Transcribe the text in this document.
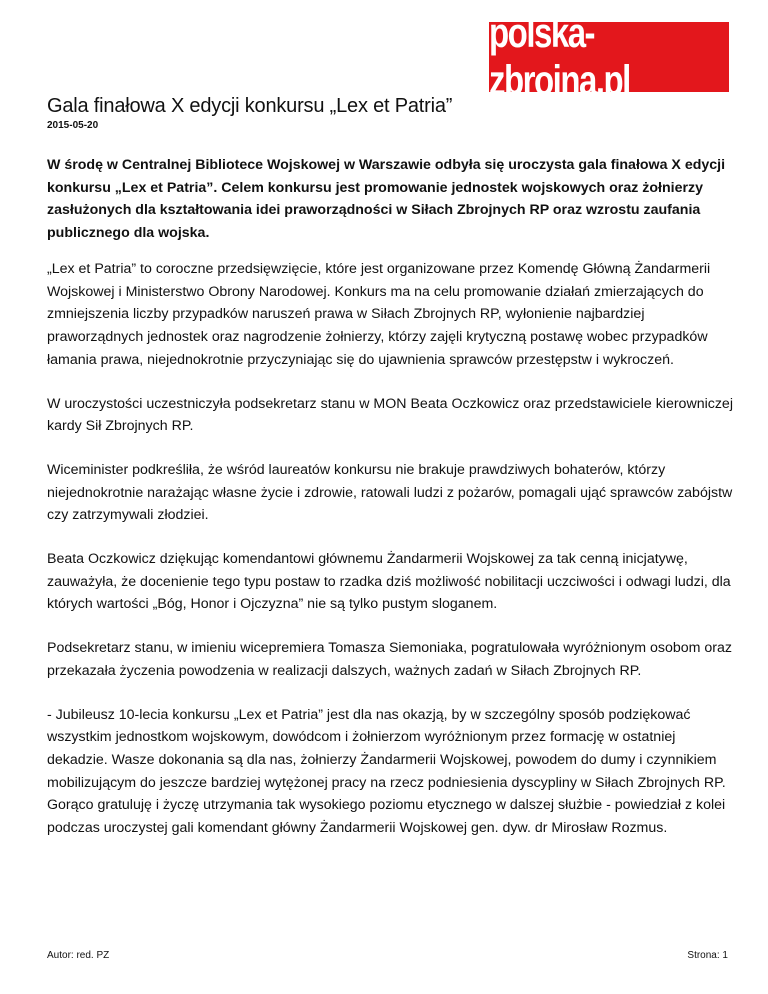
polska-zbrojna.pl
Gala finałowa X edycji konkursu „Lex et Patria”
2015-05-20

W środę w Centralnej Bibliotece Wojskowej w Warszawie odbyła się uroczysta gala finałowa X edycji konkursu „Lex et Patria”. Celem konkursu jest promowanie jednostek wojskowych oraz żołnierzy zasłużonych dla kształtowania idei praworządności w Siłach Zbrojnych RP oraz wzrostu zaufania publicznego dla wojska.

„Lex et Patria” to coroczne przedsięwzięcie, które jest organizowane przez Komendę Główną Żandarmerii Wojskowej i Ministerstwo Obrony Narodowej. Konkurs ma na celu promowanie działań zmierzających do zmniejszenia liczby przypadków naruszeń prawa w Siłach Zbrojnych RP, wyłonienie najbardziej praworządnych jednostek oraz nagrodzenie żołnierzy, którzy zajęli krytyczną postawę wobec przypadków łamania prawa, niejednokrotnie przyczyniając się do ujawnienia sprawców przestępstw i wykroczeń.

W uroczystości uczestniczyła podsekretarz stanu w MON Beata Oczkowicz oraz przedstawiciele kierowniczej kardy Sił Zbrojnych RP.

Wiceminister podkreśliła, że wśród laureatów konkursu nie brakuje prawdziwych bohaterów, którzy niejednokrotnie narażając własne życie i zdrowie, ratowali ludzi z pożarów, pomagali ująć sprawców zabójstw czy zatrzymywali złodziei.

Beata Oczkowicz dziękując komendantowi głównemu Żandarmerii Wojskowej za tak cenną inicjatywę, zauważyła, że docenienie tego typu postaw to rzadka dziś możliwość nobilitacji uczciwości i odwagi ludzi, dla których wartości „Bóg, Honor i Ojczyzna” nie są tylko pustym sloganem.

Podsekretarz stanu, w imieniu wicepremiera Tomasza Siemoniaka, pogratulowała wyróżnionym osobom oraz przekazała życzenia powodzenia w realizacji dalszych, ważnych zadań w Siłach Zbrojnych RP.

- Jubileusz 10-lecia konkursu „Lex et Patria” jest dla nas okazją, by w szczególny sposób podziękować wszystkim jednostkom wojskowym, dowódcom i żołnierzom wyróżnionym przez formację w ostatniej dekadzie. Wasze dokonania są dla nas, żołnierzy Żandarmerii Wojskowej, powodem do dumy i czynnikiem mobilizującym do jeszcze bardziej wytężonej pracy na rzecz podniesienia dyscypliny w Siłach Zbrojnych RP. Gorąco gratuluję i życzę utrzymania tak wysokiego poziomu etycznego w dalszej służbie - powiedział z kolei podczas uroczystej gali komendant główny Żandarmerii Wojskowej gen. dyw. dr Mirosław Rozmus.

Autor: red. PZ	Strona: 1
